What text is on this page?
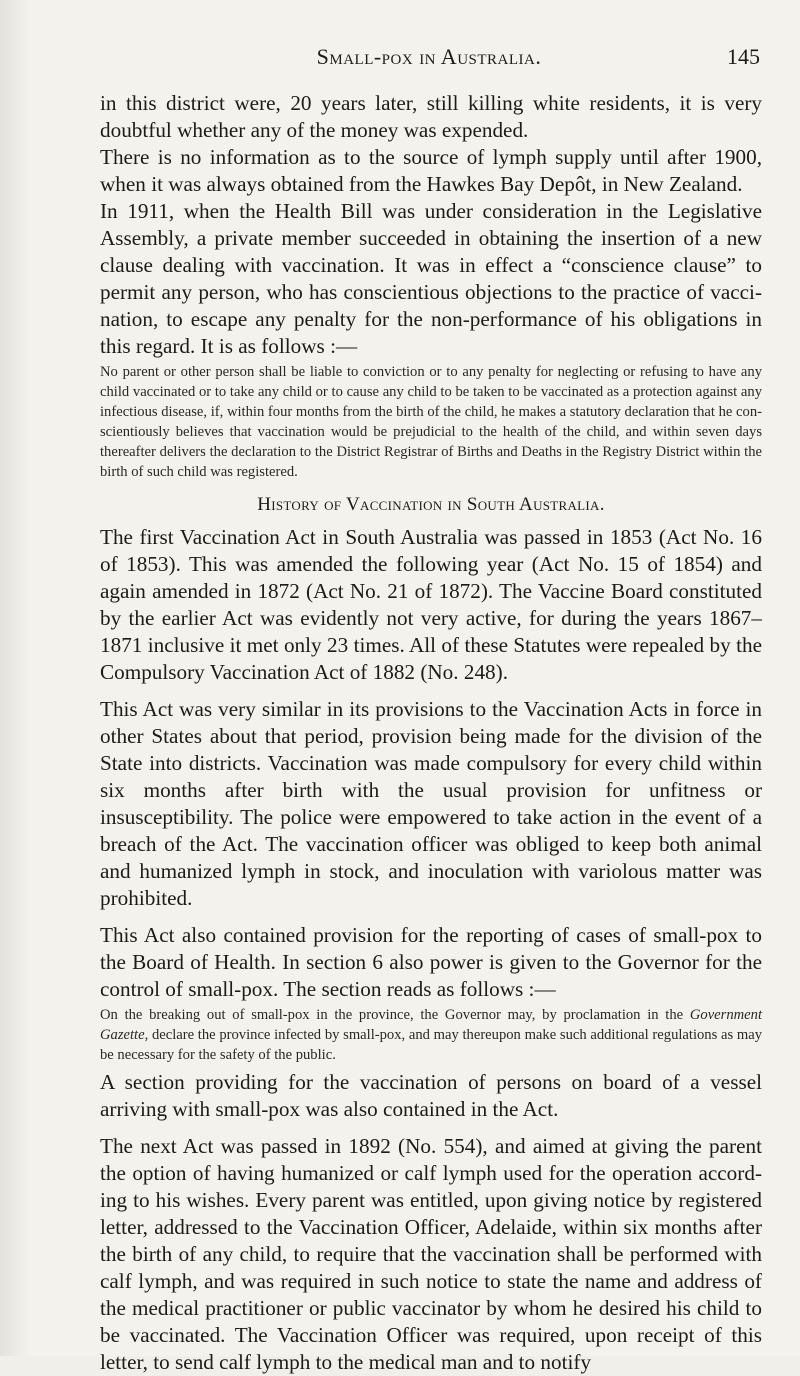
Small-pox in Australia.	145

in this district were, 20 years later, still killing white residents, it is very doubtful whether any of the money was expended.

There is no information as to the source of lymph supply until after 1900, when it was always obtained from the Hawkes Bay Depôt, in New Zealand.

In 1911, when the Health Bill was under consideration in the Legislative Assembly, a private member succeeded in obtaining the insertion of a new clause dealing with vaccination. It was in effect a “conscience clause” to permit any person, who has conscientious objections to the practice of vaccination, to escape any penalty for the non-performance of his obligations in this regard. It is as follows :—

No parent or other person shall be liable to conviction or to any penalty for neglecting or refusing to have any child vaccinated or to take any child or to cause any child to be taken to be vaccinated as a protection against any infectious disease, if, within four months from the birth of the child, he makes a statutory declaration that he conscientiously believes that vaccination would be prejudicial to the health of the child, and within seven days thereafter delivers the declaration to the District Registrar of Births and Deaths in the Registry District within the birth of such child was registered.

History of Vaccination in South Australia.

The first Vaccination Act in South Australia was passed in 1853 (Act No. 16 of 1853). This was amended the following year (Act No. 15 of 1854) and again amended in 1872 (Act No. 21 of 1872). The Vaccine Board constituted by the earlier Act was evidently not very active, for during the years 1867–1871 inclusive it met only 23 times. All of these Statutes were repealed by the Compulsory Vaccination Act of 1882 (No. 248).

This Act was very similar in its provisions to the Vaccination Acts in force in other States about that period, provision being made for the division of the State into districts. Vaccination was made compulsory for every child within six months after birth with the usual provision for unfitness or insusceptibility. The police were empowered to take action in the event of a breach of the Act. The vaccination officer was obliged to keep both animal and humanized lymph in stock, and inoculation with variolous matter was prohibited.

This Act also contained provision for the reporting of cases of small-pox to the Board of Health. In section 6 also power is given to the Governor for the control of small-pox. The section reads as follows :—

On the breaking out of small-pox in the province, the Governor may, by proclamation in the Government Gazette, declare the province infected by small-pox, and may thereupon make such additional regulations as may be necessary for the safety of the public.

A section providing for the vaccination of persons on board of a vessel arriving with small-pox was also contained in the Act.

The next Act was passed in 1892 (No. 554), and aimed at giving the parent the option of having humanized or calf lymph used for the operation according to his wishes. Every parent was entitled, upon giving notice by registered letter, addressed to the Vaccination Officer, Adelaide, within six months after the birth of any child, to require that the vaccination shall be performed with calf lymph, and was required in such notice to state the name and address of the medical practitioner or public vaccinator by whom he desired his child to be vaccinated. The Vaccination Officer was required, upon receipt of this letter, to send calf lymph to the medical man and to notify
